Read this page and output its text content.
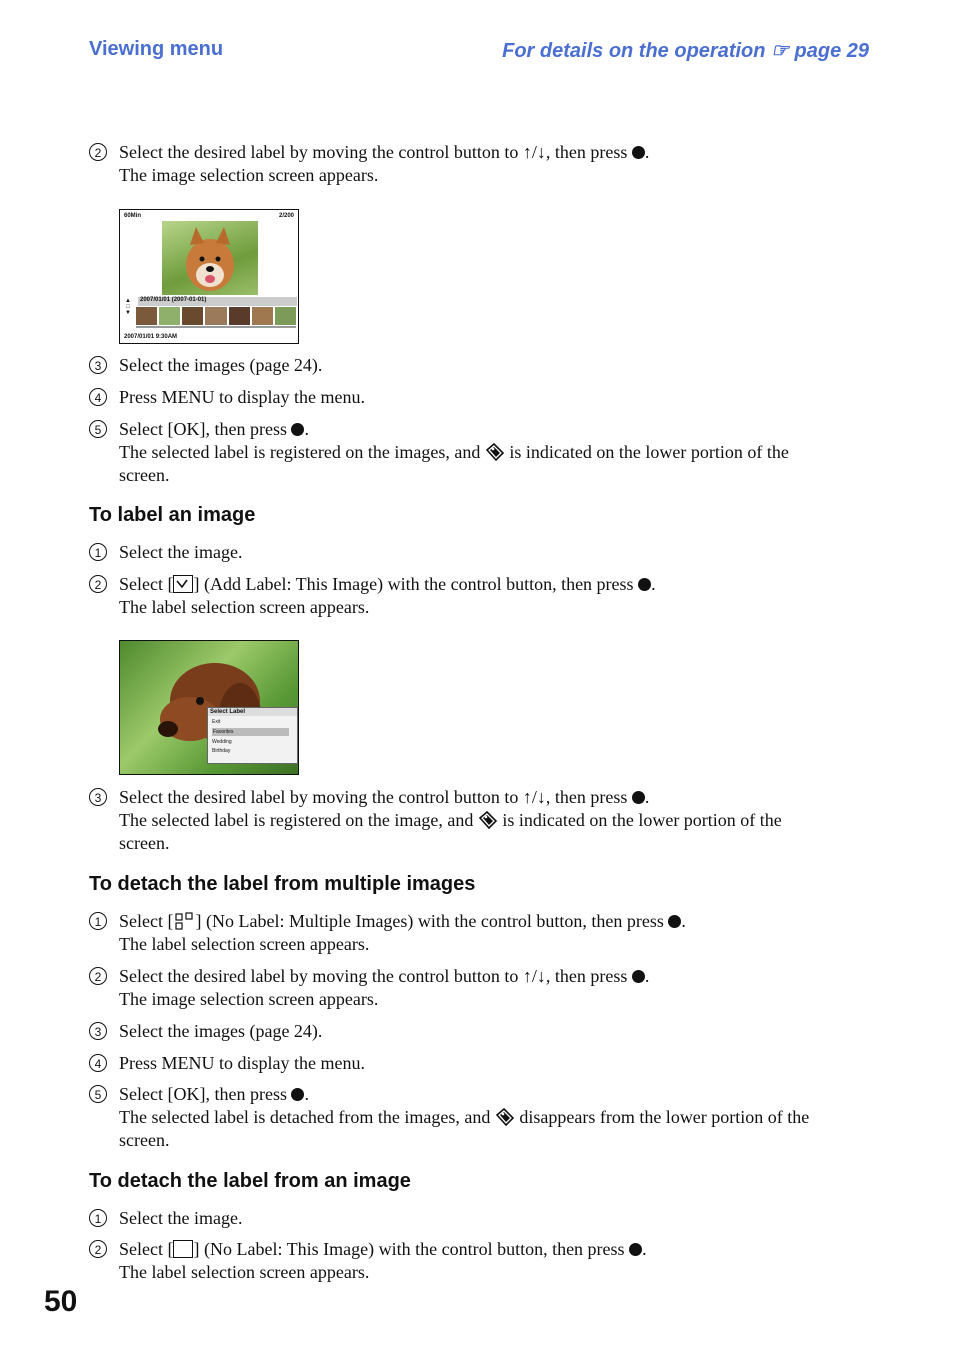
Viewing menu	For details on the operation ☞ page 29
2 Select the desired label by moving the control button to ↑/↓, then press .
The image selection screen appears.
60Min	2/200
2007/01/01 (2007-01-01)
▲
□
▼
2007/01/01 9:30AM
3 Select the images (page 24).
4 Press MENU to display the menu.
5 Select [OK], then press .
The selected label is registered on the images, and is indicated on the lower portion of the
screen.
To label an image
1 Select the image.
2 Select [ ] (Add Label: This Image) with the control button, then press .
The label selection screen appears.
Select Label
Exit
Favorites
Wedding
Birthday
3 Select the desired label by moving the control button to ↑/↓, then press .
The selected label is registered on the image, and is indicated on the lower portion of the
screen.
To detach the label from multiple images
1 Select [ ] (No Label: Multiple Images) with the control button, then press .
The label selection screen appears.
2 Select the desired label by moving the control button to ↑/↓, then press .
The image selection screen appears.
3 Select the images (page 24).
4 Press MENU to display the menu.
5 Select [OK], then press .
The selected label is detached from the images, and disappears from the lower portion of the
screen.
To detach the label from an image
1 Select the image.
2 Select [ ] (No Label: This Image) with the control button, then press .
The label selection screen appears.
50
